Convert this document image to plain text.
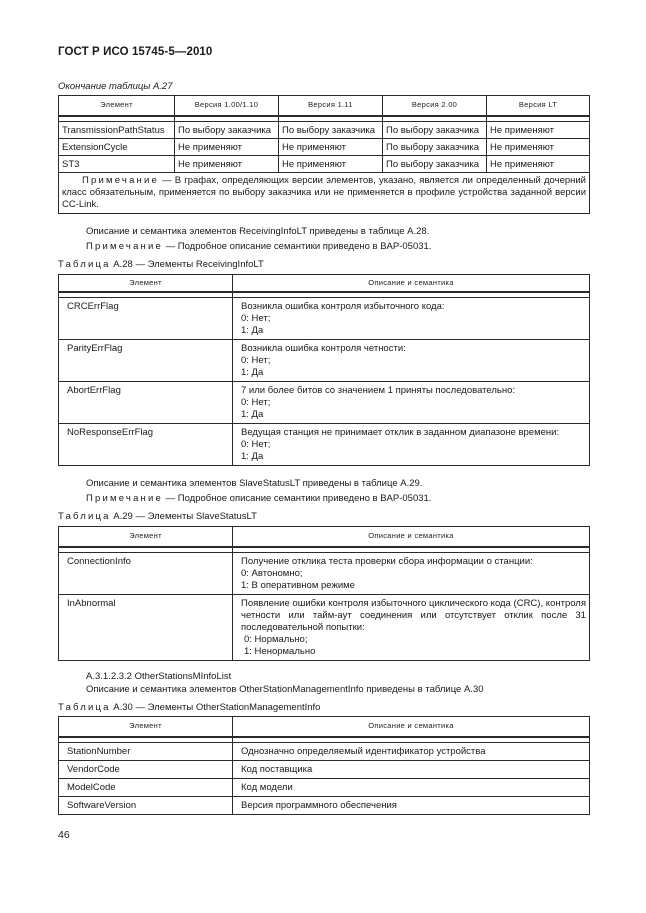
ГОСТ Р ИСО 15745-5—2010
Окончание таблицы А.27
Элемент	Версия 1.00/1.10	Версия 1.11	Версия 2.00	Версия LT

TransmissionPathStatus	По выбору заказчика	По выбору заказчика	По выбору заказчика	Не применяют
ExtensionCycle	Не применяют	Не применяют	По выбору заказчика	Не применяют
ST3	Не применяют	Не применяют	По выбору заказчика	Не применяют
Примечание — В графах, определяющих версии элементов, указано, является ли определенный дочерний класс обязательным, применяется по выбору заказчика или не применяется в профиле устройства заданной версии CC-Link.				
Описание и семантика элементов ReceivingInfoLT приведены в таблице А.28.
Примечание — Подробное описание семантики приведено в BAP-05031.
Таблица А.28 — Элементы ReceivingInfoLT
Элемент	Описание и семантика

CRCErrFlag	Возникла ошибка контроля избыточного кода:
0: Нет;
1: Да

ParityErrFlag	Возникла ошибка контроля четности:
0: Нет;
1: Да

AbortErrFlag	7 или более битов со значением 1 приняты последовательно:
0: Нет;
1: Да

NoResponseErrFlag	Ведущая станция не принимает отклик в заданном диапазоне времени:
0: Нет;
1: Да
Описание и семантика элементов SlaveStatusLT приведены в таблице А.29.
Примечание — Подробное описание семантики приведено в BAP-05031.
Таблица А.29 — Элементы SlaveStatusLT
Элемент	Описание и семантика

ConnectionInfo	Получение отклика теста проверки сбора информации о станции:
0: Автономно;
1: В оперативном режиме

InAbnormal	Появление ошибки контроля избыточного циклического кода (CRC), контроля четности или тайм-аут соединения или отсутствует отклик после 31 последовательной попытки:
0: Нормально;
1: Ненормально
А.3.1.2.3.2 OtherStationsMInfoList
Описание и семантика элементов OtherStationManagementInfo приведены в таблице А.30
Таблица А.30 — Элементы OtherStationManagementInfo
Элемент	Описание и семантика

StationNumber	Однозначно определяемый идентификатор устройства
VendorCode	Код поставщика
ModelCode	Код модели
SoftwareVersion	Версия программного обеспечения
46
